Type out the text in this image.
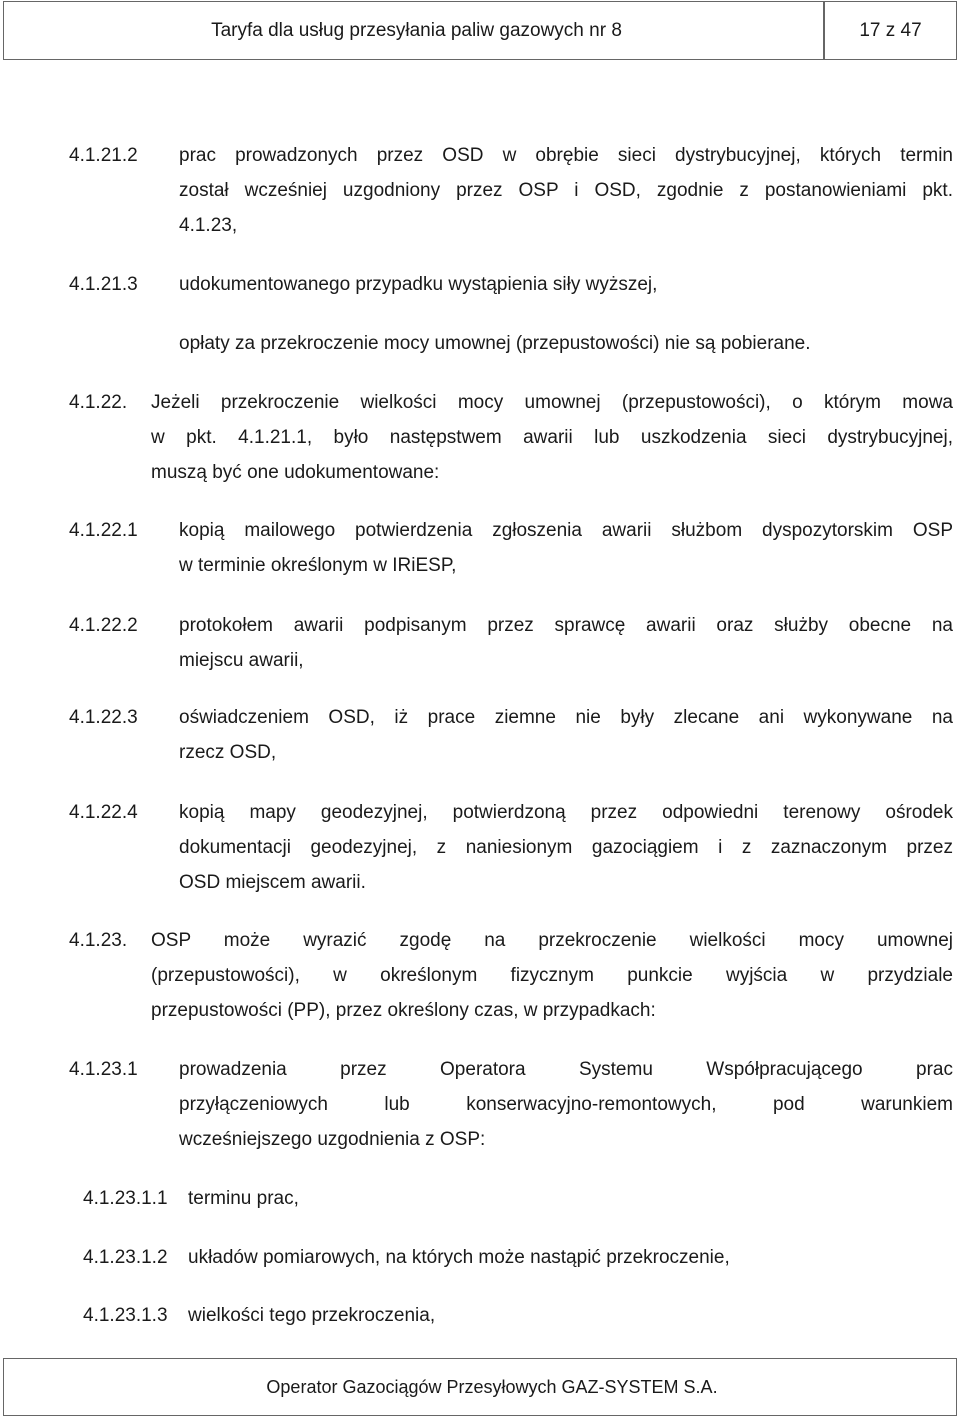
Taryfa dla usług przesyłania paliw gazowych nr 8	17 z 47
4.1.21.2 prac prowadzonych przez OSD w obrębie sieci dystrybucyjnej, których termin
został wcześniej uzgodniony przez OSP i OSD, zgodnie z postanowieniami pkt.
4.1.23,
4.1.21.3 udokumentowanego przypadku wystąpienia siły wyższej,
opłaty za przekroczenie mocy umownej (przepustowości) nie są pobierane.
4.1.22. Jeżeli przekroczenie wielkości mocy umownej (przepustowości), o którym mowa
w pkt. 4.1.21.1, było następstwem awarii lub uszkodzenia sieci dystrybucyjnej,
muszą być one udokumentowane:
4.1.22.1 kopią mailowego potwierdzenia zgłoszenia awarii służbom dyspozytorskim OSP
w terminie określonym w IRiESP,
4.1.22.2 protokołem awarii podpisanym przez sprawcę awarii oraz służby obecne na
miejscu awarii,
4.1.22.3 oświadczeniem OSD, iż prace ziemne nie były zlecane ani wykonywane na
rzecz OSD,
4.1.22.4 kopią mapy geodezyjnej, potwierdzoną przez odpowiedni terenowy ośrodek
dokumentacji geodezyjnej, z naniesionym gazociągiem i z zaznaczonym przez
OSD miejscem awarii.
4.1.23. OSP może wyrazić zgodę na przekroczenie wielkości mocy umownej
(przepustowości), w określonym fizycznym punkcie wyjścia w przydziale
przepustowości (PP), przez określony czas, w przypadkach:
4.1.23.1 prowadzenia przez Operatora Systemu Współpracującego prac
przyłączeniowych lub konserwacyjno-remontowych, pod warunkiem
wcześniejszego uzgodnienia z OSP:
4.1.23.1.1 terminu prac,
4.1.23.1.2 układów pomiarowych, na których może nastąpić przekroczenie,
4.1.23.1.3 wielkości tego przekroczenia,
Operator Gazociągów Przesyłowych GAZ-SYSTEM S.A.
